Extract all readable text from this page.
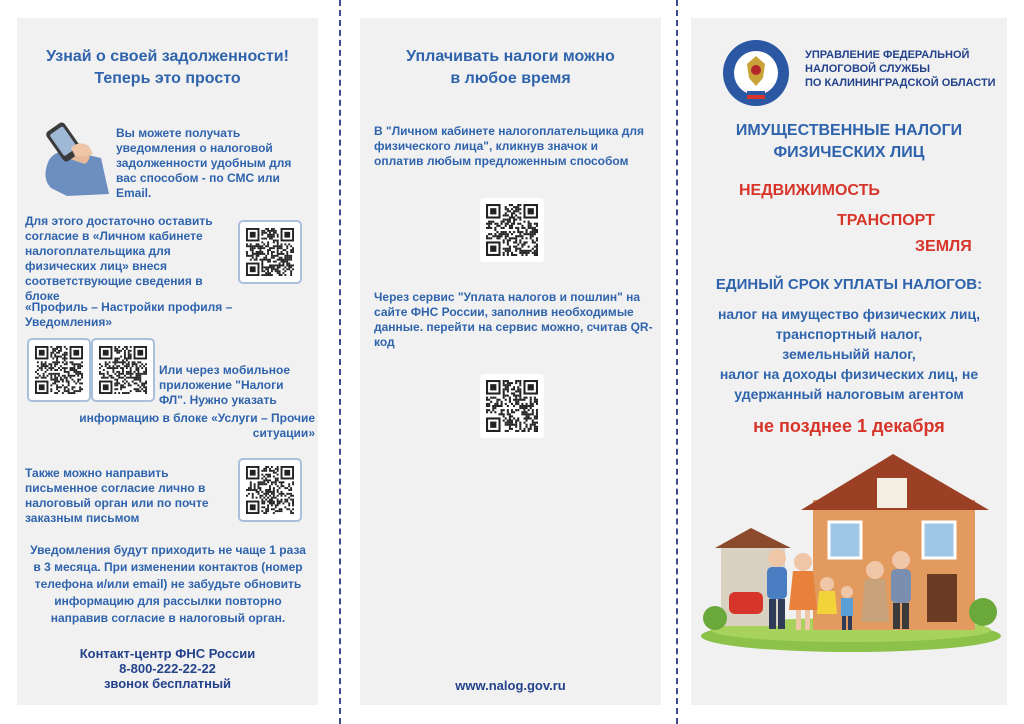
Узнай о своей задолженности!
Теперь это просто
Вы можете получать уведомления о налоговой задолженности удобным для вас способом - по СМС или Email.
Для этого достаточно оставить согласие в «Личном кабинете налогоплательщика для физических лиц» внеся соответствующие сведения в блоке
«Профиль – Настройки профиля – Уведомления»
Или через мобильное приложение "Налоги ФЛ". Нужно указать
информацию в блоке «Услуги – Прочие ситуации»
Также можно направить письменное согласие лично в налоговый орган или по почте заказным письмом
Уведомления будут приходить не чаще 1 раза в 3 месяца. При изменении контактов (номер телефона и/или email) не забудьте обновить информацию для рассылки повторно направив согласие в налоговый орган.
Контакт-центр ФНС России
8-800-222-22-22
звонок бесплатный
Уплачивать налоги можно
в любое время
В "Личном кабинете налогоплательщика для физического лица", кликнув значок и оплатив любым предложенным способом
Через сервис "Уплата налогов и пошлин" на сайте ФНС России, заполнив необходимые данные. перейти на сервис можно, считав QR-код
www.nalog.gov.ru
УПРАВЛЕНИЕ ФЕДЕРАЛЬНОЙ
НАЛОГОВОЙ СЛУЖБЫ
ПО КАЛИНИНГРАДСКОЙ ОБЛАСТИ
ИМУЩЕСТВЕННЫЕ НАЛОГИ
ФИЗИЧЕСКИХ ЛИЦ
НЕДВИЖИМОСТЬ
ТРАНСПОРТ
ЗЕМЛЯ
ЕДИНЫЙ СРОК УПЛАТЫ НАЛОГОВ:
налог на имущество физических лиц,
транспортный налог,
земельныйй налог,
налог на доходы физических лиц, не
удержанный налоговым агентом
не позднее 1 декабря
